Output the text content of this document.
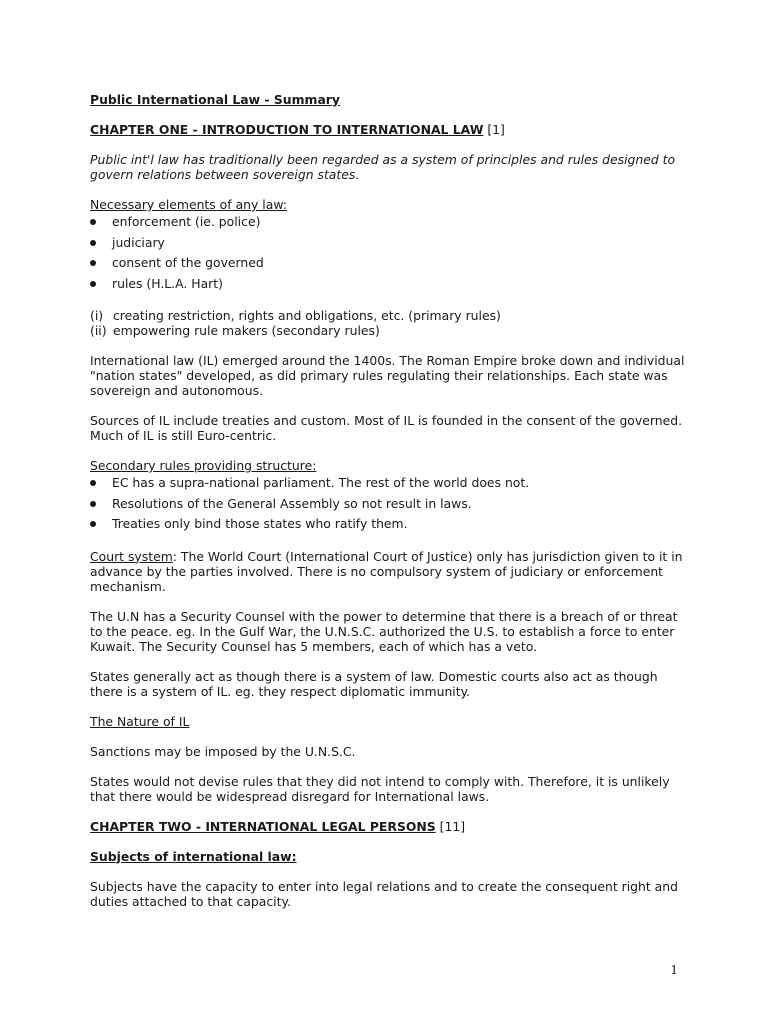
Public International Law - Summary

CHAPTER ONE - INTRODUCTION TO INTERNATIONAL LAW [1]

Public int'l law has traditionally been regarded as a system of principles and rules designed to govern relations between sovereign states.

Necessary elements of any law:

enforcement (ie. police)
judiciary
consent of the governed
rules (H.L.A. Hart)
(i) creating restriction, rights and obligations, etc. (primary rules)
(ii) empowering rule makers (secondary rules)

International law (IL) emerged around the 1400s. The Roman Empire broke down and individual "nation states" developed, as did primary rules regulating their relationships. Each state was sovereign and autonomous.

Sources of IL include treaties and custom. Most of IL is founded in the consent of the governed. Much of IL is still Euro-centric.

Secondary rules providing structure:

EC has a supra-national parliament. The rest of the world does not.
Resolutions of the General Assembly so not result in laws.
Treaties only bind those states who ratify them.

Court system: The World Court (International Court of Justice) only has jurisdiction given to it in advance by the parties involved. There is no compulsory system of judiciary or enforcement mechanism.

The U.N has a Security Counsel with the power to determine that there is a breach of or threat to the peace. eg. In the Gulf War, the U.N.S.C. authorized the U.S. to establish a force to enter Kuwait. The Security Counsel has 5 members, each of which has a veto.

States generally act as though there is a system of law. Domestic courts also act as though there is a system of IL. eg. they respect diplomatic immunity.

The Nature of IL

Sanctions may be imposed by the U.N.S.C.

States would not devise rules that they did not intend to comply with. Therefore, it is unlikely that there would be widespread disregard for International laws.

CHAPTER TWO - INTERNATIONAL LEGAL PERSONS [11]

Subjects of international law:

Subjects have the capacity to enter into legal relations and to create the consequent right and duties attached to that capacity.

1
